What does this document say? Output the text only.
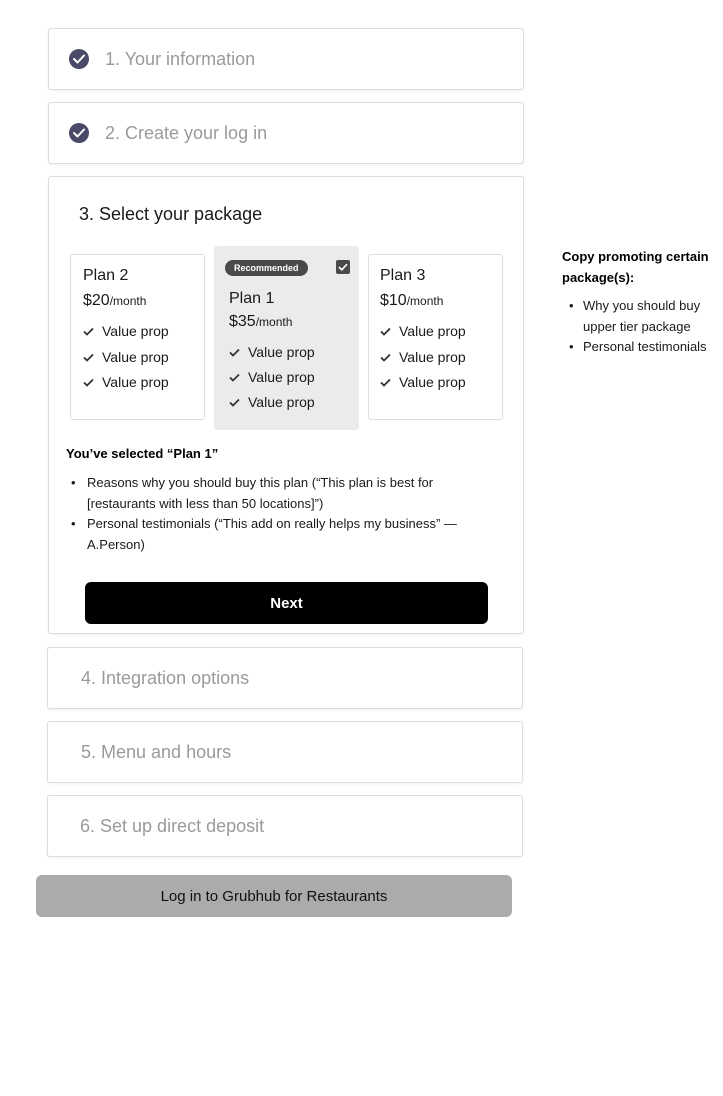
1. Your information
2. Create your log in
3. Select your package
Plan 2
$20/month
Value prop
Value prop
Value prop
Recommended
Plan 1
$35/month
Value prop
Value prop
Value prop
Plan 3
$10/month
Value prop
Value prop
Value prop
You’ve selected “Plan 1”
• Reasons why you should buy this plan (“This plan is best for [restaurants with less than 50 locations]”)
• Personal testimonials (“This add on really helps my business” —A.Person)
Next
4. Integration options
5. Menu and hours
6. Set up direct deposit
Log in to Grubhub for Restaurants
Copy promoting certain package(s):
• Why you should buy upper tier package
• Personal testimonials
